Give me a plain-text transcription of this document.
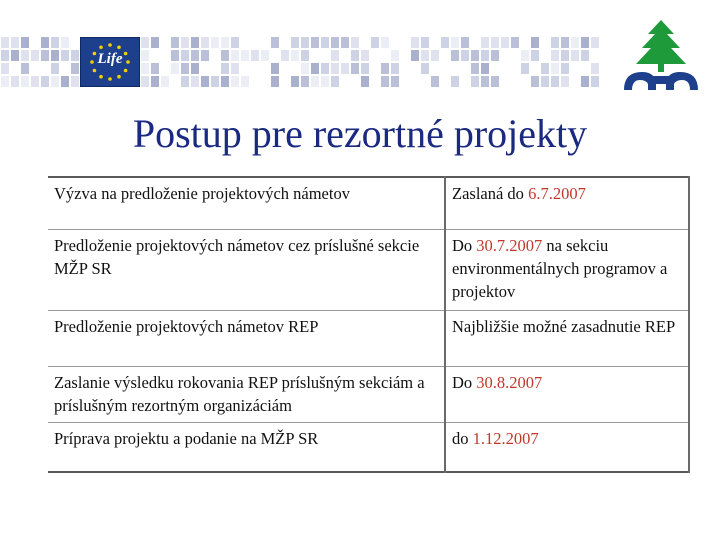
Life
Postup pre rezortné projekty
Výzva na predloženie projektových námetov	Zaslaná do 6.7.2007
Predloženie projektových námetov cez príslušné sekcie MŽP SR	Do 30.7.2007 na sekciu environmentálnych programov a projektov
Predloženie projektových námetov REP	Najbližšie možné zasadnutie REP
Zaslanie výsledku rokovania REP príslušným sekciám a príslušným rezortným organizáciám	Do 30.8.2007
Príprava projektu a podanie na MŽP SR	do 1.12.2007
